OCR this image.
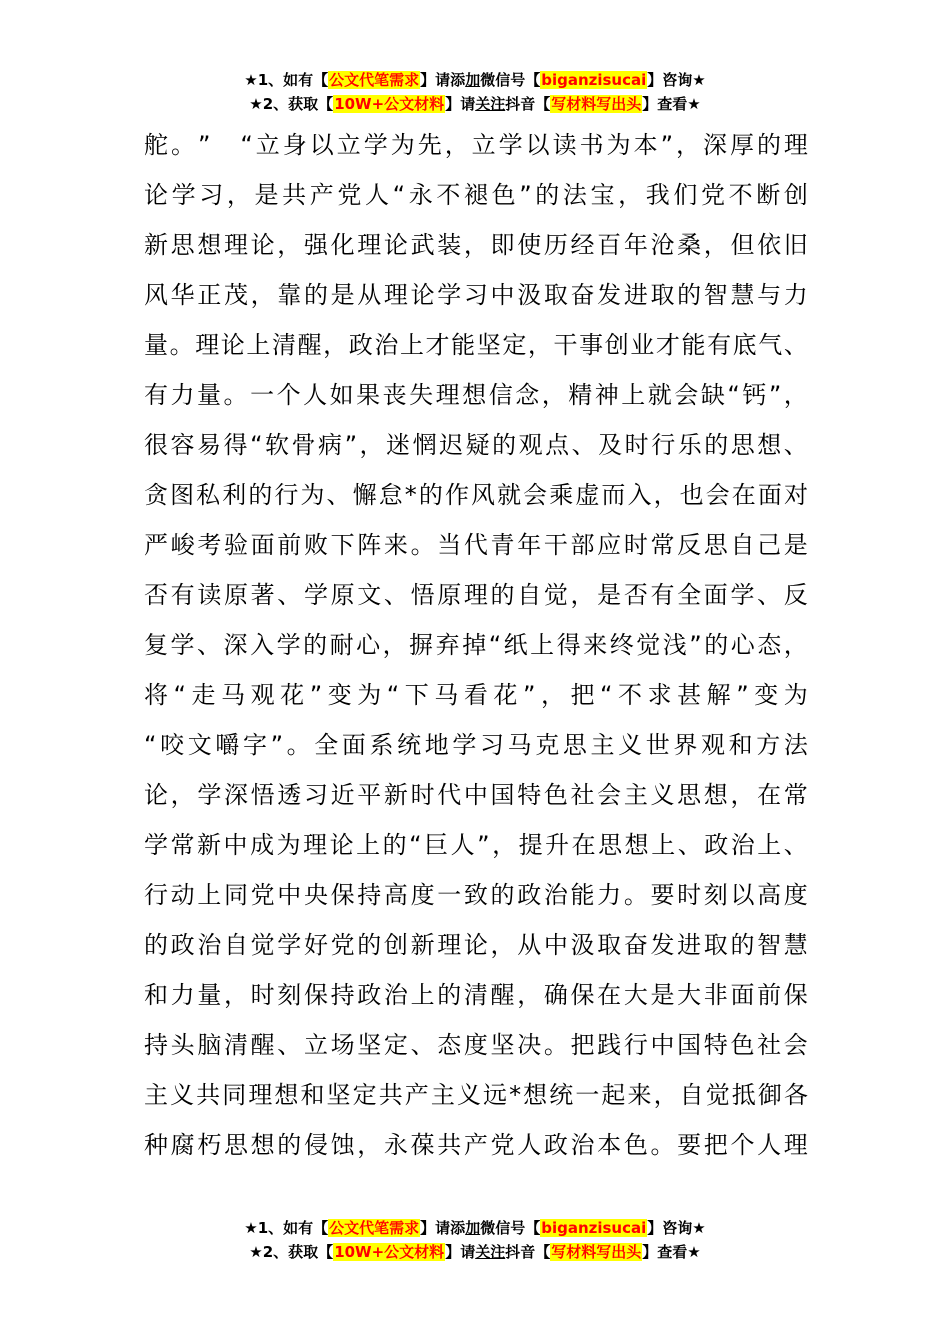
★1、如有【公文代笔需求】请添加微信号【biganzisucai】咨询★
★2、获取【10W+公文材料】请关注抖音【写材料写出头】查看★
舵 。 ”
　 “ 立 身 以 立 学 为 先 ， 立 学 以 读 书 为 本 ” ， 深 厚 的 理
论 学 习 ， 是 共 产 党 人 “ 永 不 褪 色 ” 的 法 宝 ， 我 们 党 不 断 创
新 思 想 理 论 ， 强 化 理 论 武 装 ， 即 使 历 经 百 年 沧 桑 ， 但 依 旧
风 华 正 茂 ， 靠 的 是 从 理 论 学 习 中 汲 取 奋 发 进 取 的 智 慧 与 力
量 。 理 论 上 清 醒 ， 政 治 上 才 能 坚 定 ， 干 事 创 业 才 能 有 底 气 、
有 力 量 。 一 个 人 如 果 丧 失 理 想 信 念 ， 精 神 上 就 会 缺 “ 钙 ” ，
很 容 易 得 “ 软 骨 病 ” ， 迷 惘 迟 疑 的 观 点 、 及 时 行 乐 的 思 想 、
贪 图 私 利 的 行 为 、 懈 怠 * 的 作 风 就 会 乘 虚 而 入 ， 也 会 在 面 对
严 峻 考 验 面 前 败 下 阵 来 。 当 代 青 年 干 部 应 时 常 反 思 自 己 是
否 有 读 原 著 、 学 原 文 、 悟 原 理 的 自 觉 ， 是 否 有 全 面 学 、 反
复 学 、 深 入 学 的 耐 心 ， 摒 弃 掉 “ 纸 上 得 来 终 觉 浅 ” 的 心 态 ，
将 “ 走 马 观 花 ” 变 为 “ 下 马 看 花 ” ， 把 “ 不 求 甚 解 ” 变 为
“ 咬 文 嚼 字 ” 。 全 面 系 统 地 学 习 马 克 思 主 义 世 界 观 和 方 法
论 ， 学 深 悟 透 习 近 平 新 时 代 中 国 特 色 社 会 主 义 思 想 ， 在 常
学 常 新 中 成 为 理 论 上 的 “ 巨 人 ” ， 提 升 在 思 想 上 、 政 治 上 、
行 动 上 同 党 中 央 保 持 高 度 一 致 的 政 治 能 力 。 要 时 刻 以 高 度
的 政 治 自 觉 学 好 党 的 创 新 理 论 ， 从 中 汲 取 奋 发 进 取 的 智 慧
和 力 量 ， 时 刻 保 持 政 治 上 的 清 醒 ， 确 保 在 大 是 大 非 面 前 保
持 头 脑 清 醒 、 立 场 坚 定 、 态 度 坚 决 。 把 践 行 中 国 特 色 社 会
主 义 共 同 理 想 和 坚 定 共 产 主 义 远 * 想 统 一 起 来 ， 自 觉 抵 御 各
种 腐 朽 思 想 的 侵 蚀 ， 永 葆 共 产 党 人 政 治 本 色 。 要 把 个 人 理
★1、如有【公文代笔需求】请添加微信号【biganzisucai】咨询★
★2、获取【10W+公文材料】请关注抖音【写材料写出头】查看★
